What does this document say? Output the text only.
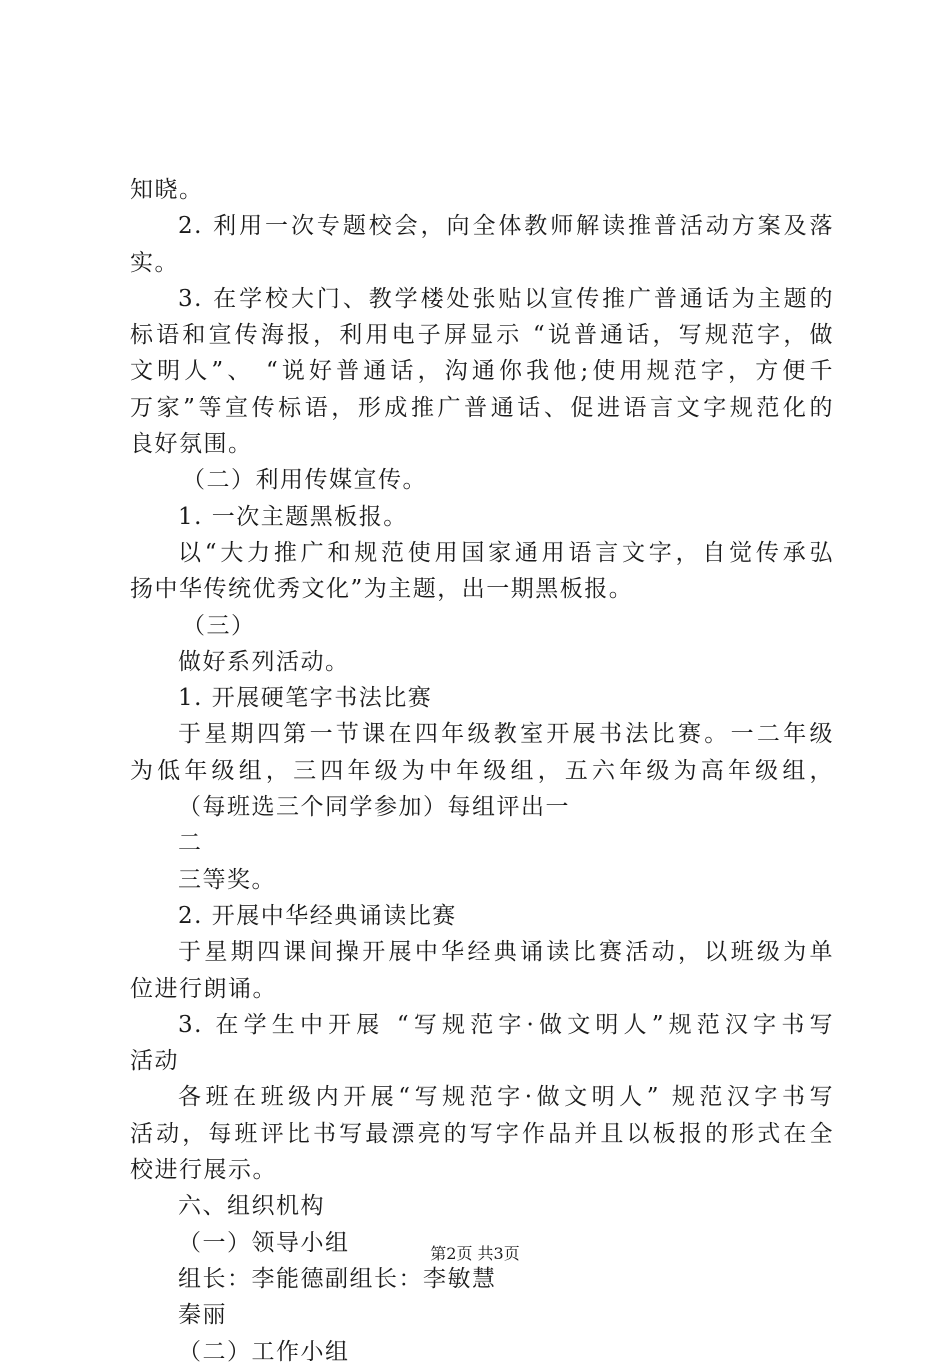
知晓。
2. 利用一次专题校会，向全体教师解读推普活动方案及落
实。
3. 在学校大门、教学楼处张贴以宣传推广普通话为主题的
标语和宣传海报，利用电子屏显示 “说普通话，写规范字，做
文明人”、 “说好普通话，沟通你我他;使用规范字，方便千
万家”等宣传标语，形成推广普通话、促进语言文字规范化的
良好氛围。
（二）利用传媒宣传。
1. 一次主题黑板报。
以“大力推广和规范使用国家通用语言文字，自觉传承弘
扬中华传统优秀文化”为主题，出一期黑板报。
（三）
做好系列活动。
1. 开展硬笔字书法比赛
于星期四第一节课在四年级教室开展书法比赛。一二年级
为低年级组，三四年级为中年级组，五六年级为高年级组，
（每班选三个同学参加）每组评出一
二
三等奖。
2. 开展中华经典诵读比赛
于星期四课间操开展中华经典诵读比赛活动，以班级为单
位进行朗诵。
3. 在学生中开展 “写规范字·做文明人”规范汉字书写
活动
各班在班级内开展“写规范字·做文明人” 规范汉字书写
活动，每班评比书写最漂亮的写字作品并且以板报的形式在全
校进行展示。
六、组织机构
（一）领导小组
组长：李能德副组长：李敏慧
秦丽
（二）工作小组
第2页 共3页
